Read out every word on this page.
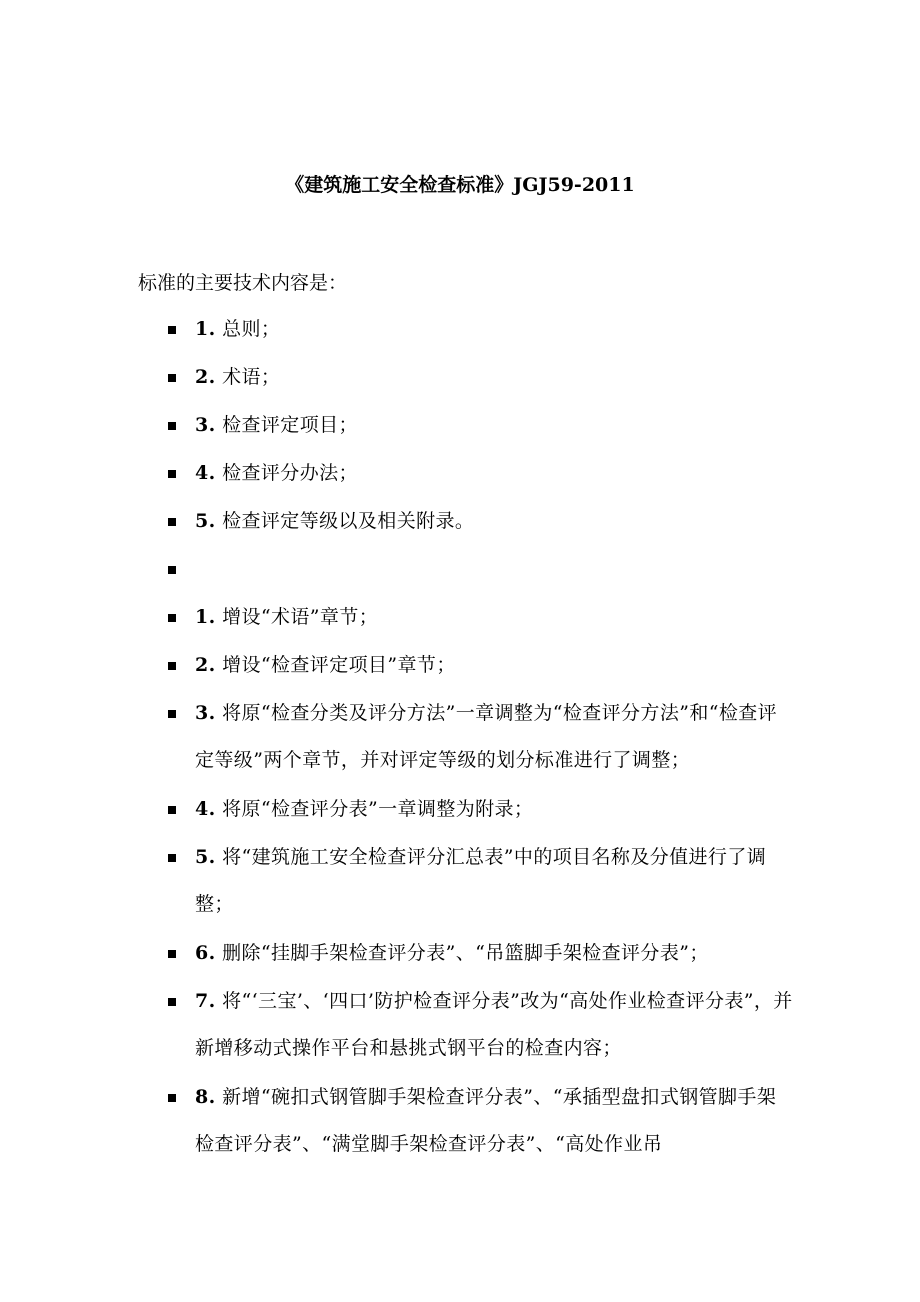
《建筑施工安全检查标准》JGJ59-2011
标准的主要技术内容是：
1. 总则；
2. 术语；
3. 检查评定项目；
4. 检查评分办法；
5. 检查评定等级以及相关附录。
1. 增设“术语”章节；
2. 增设“检查评定项目”章节；
3. 将原“检查分类及评分方法”一章调整为“检查评分方法”和“检查评定等级”两个章节，并对评定等级的划分标准进行了调整；
4. 将原“检查评分表”一章调整为附录；
5. 将“建筑施工安全检查评分汇总表”中的项目名称及分值进行了调整；
6. 删除“挂脚手架检查评分表”、“吊篮脚手架检查评分表”；
7. 将“‘三宝’、‘四口’防护检查评分表”改为“高处作业检查评分表”，并新增移动式操作平台和悬挑式钢平台的检查内容；
8. 新增“碗扣式钢管脚手架检查评分表”、“承插型盘扣式钢管脚手架检查评分表”、“满堂脚手架检查评分表”、“高处作业吊
